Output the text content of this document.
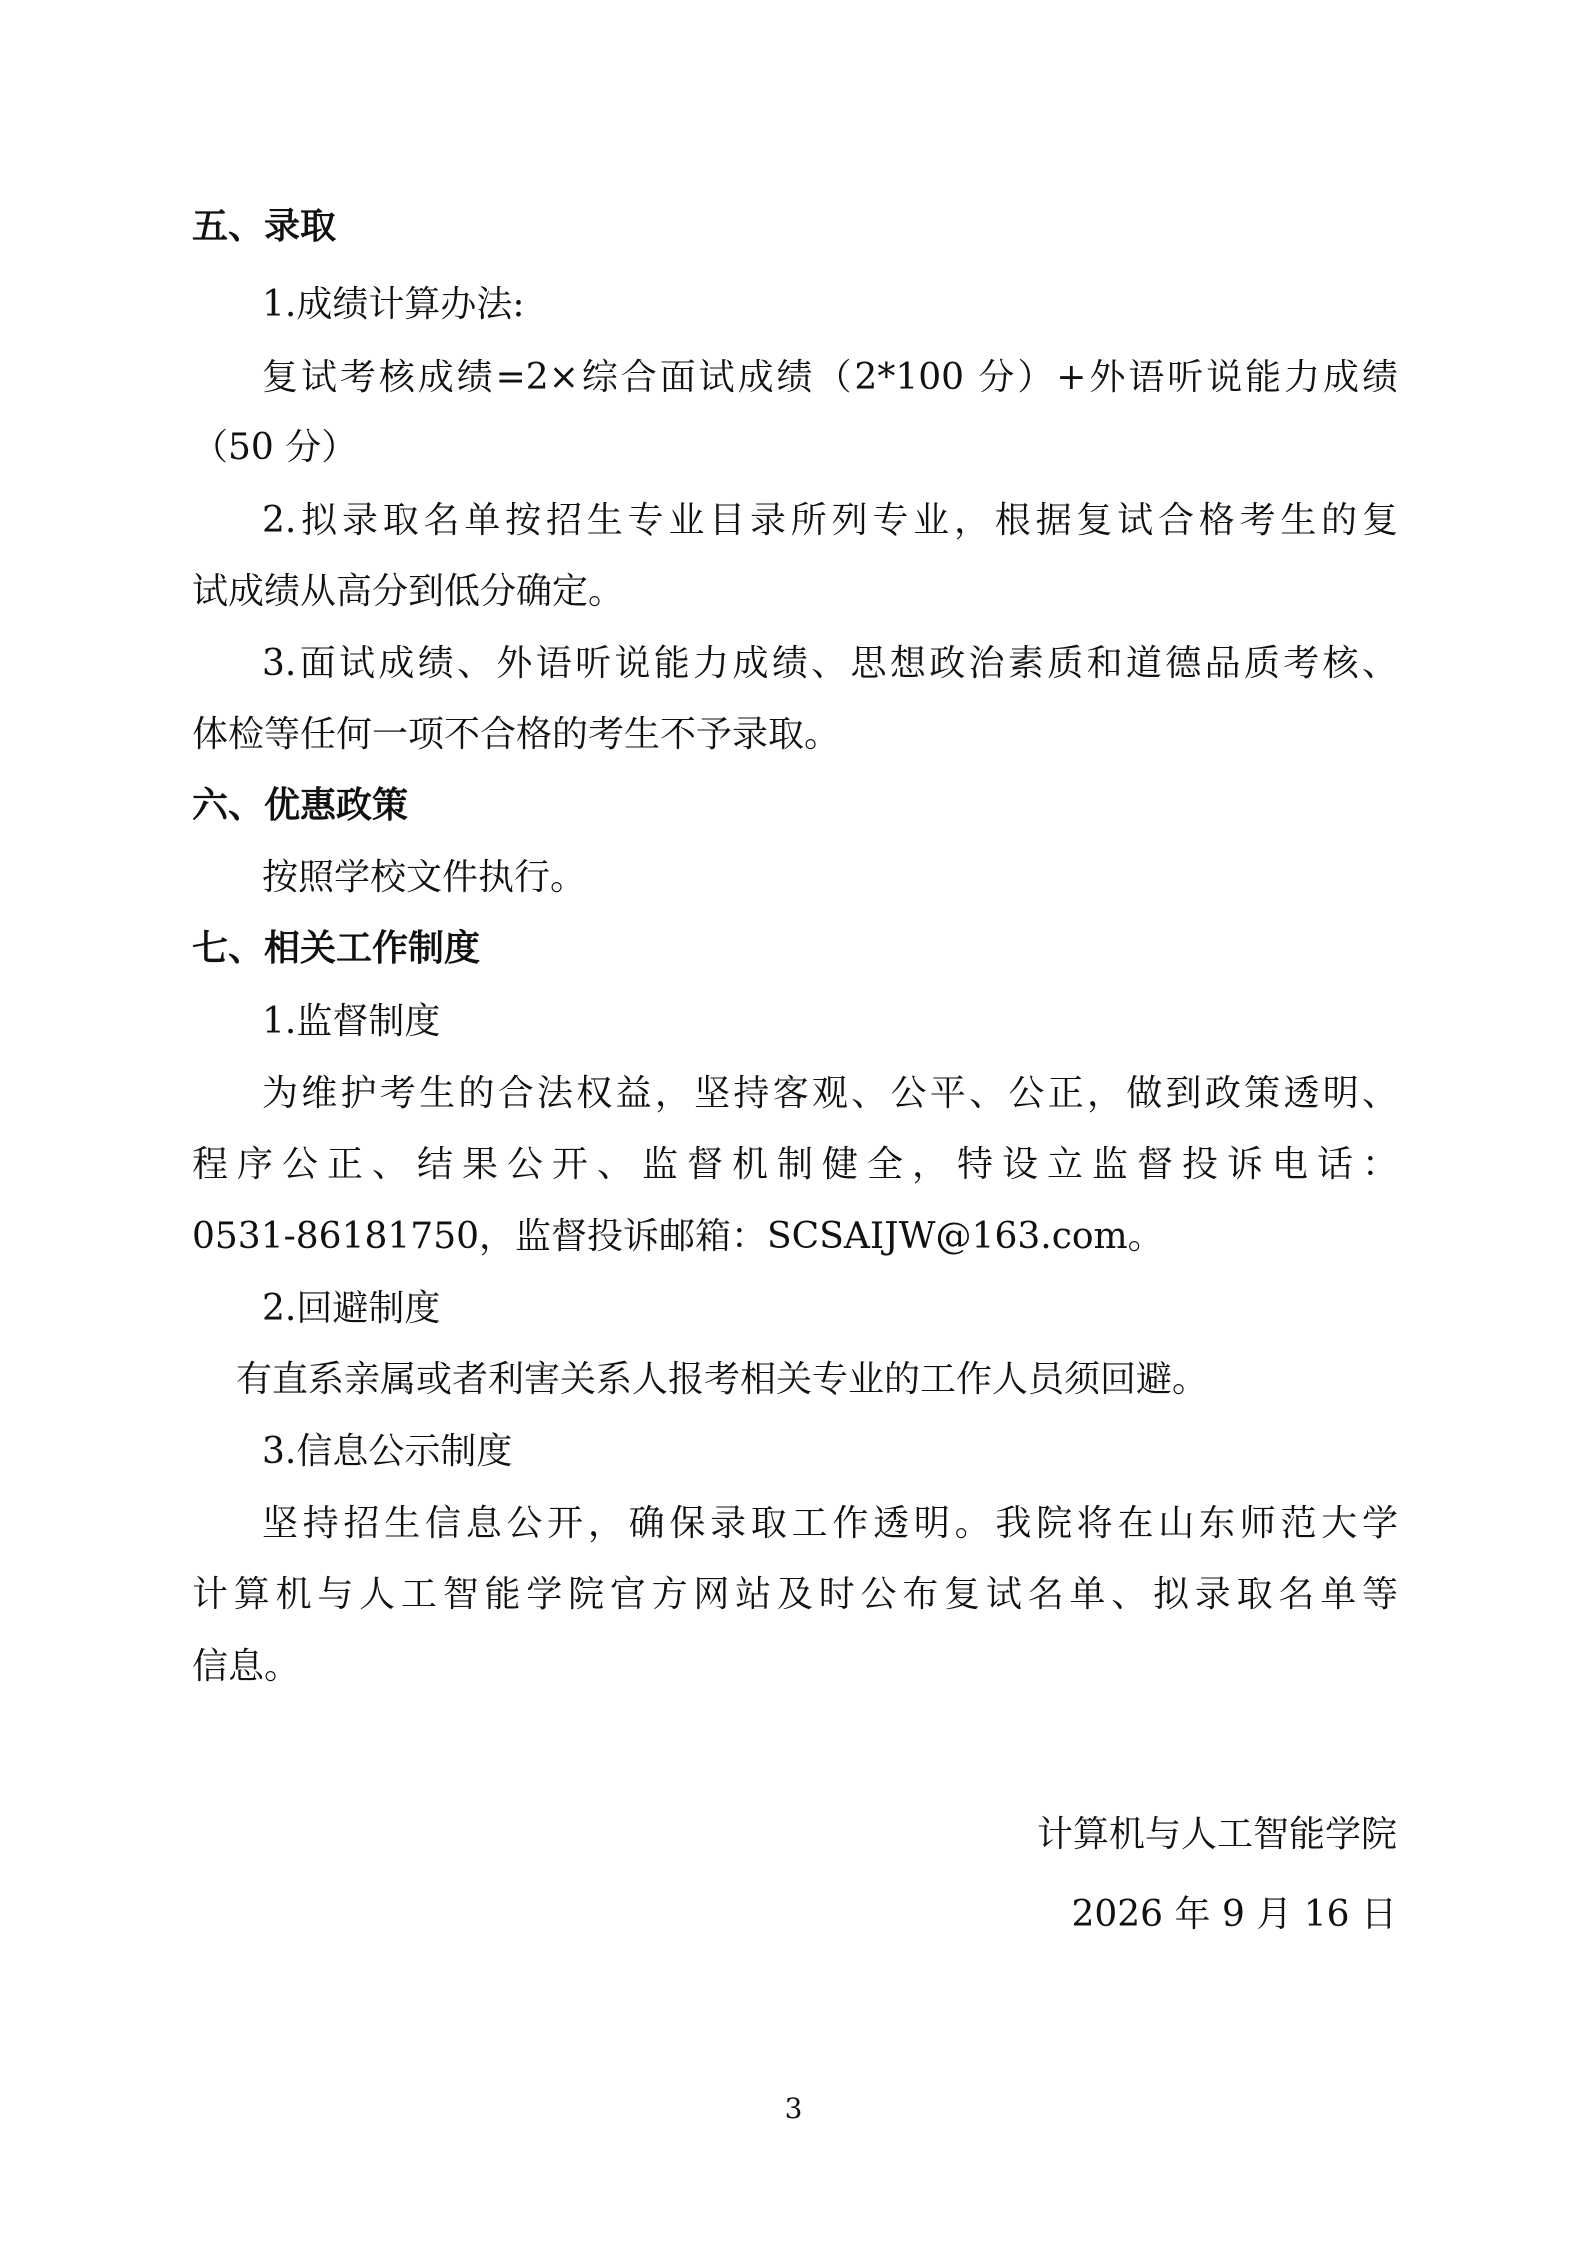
五、录取
1.成绩计算办法:
复试考核成绩=2×综合面试成绩（2*100 分）+外语听说能力成绩
（50 分）
2.拟录取名单按招生专业目录所列专业，根据复试合格考生的复
试成绩从高分到低分确定。
3.面试成绩、外语听说能力成绩、思想政治素质和道德品质考核、
体检等任何一项不合格的考生不予录取。
六、优惠政策
按照学校文件执行。
七、相关工作制度
1.监督制度
为维护考生的合法权益，坚持客观、公平、公正，做到政策透明、
程序公正、结果公开、监督机制健全，特设立监督投诉电话：
0531-86181750，监督投诉邮箱：SCSAIJW@163.com。
2.回避制度
有直系亲属或者利害关系人报考相关专业的工作人员须回避。
3.信息公示制度
坚持招生信息公开，确保录取工作透明。我院将在山东师范大学
计算机与人工智能学院官方网站及时公布复试名单、拟录取名单等
信息。
计算机与人工智能学院
2026 年 9 月 16 日
3
